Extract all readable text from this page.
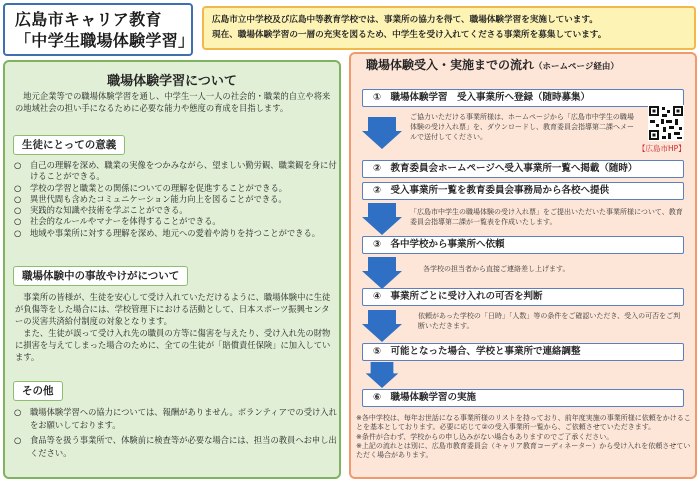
広島市キャリア教育
「中学生職場体験学習」
広島市立中学校及び広島中等教育学校では、事業所の協力を得て、職場体験学習を実施しています。
現在、職場体験学習の一層の充実を図るため、中学生を受け入れてくださる事業所を募集しています。
職場体験学習について
　地元企業等での職場体験学習を通し、中学生一人一人の社会的・職業的自立や将来の地域社会の担い手になるために必要な能力や態度の育成を目指します。
生徒にとっての意義
○	自己の理解を深め、職業の実像をつかみながら、望ましい勤労観、職業観を身に付けることができる。
○	学校の学習と職業との関係についての理解を促進することができる。
○	異世代間も含めたコミュニケーション能力向上を図ることができる。
○	実践的な知識や技術を学ぶことができる。
○	社会的なルールやマナーを体得することができる。
○	地域や事業所に対する理解を深め、地元への愛着や誇りを持つことができる。
職場体験中の事故やけがについて
　事業所の皆様が、生徒を安心して受け入れていただけるように、職場体験中に生徒が負傷等をした場合には、学校管理下における活動として、日本スポーツ振興センターの災害共済給付制度の対象となります。
　また、生徒が誤って受け入れ先の職員の方等に傷害を与えたり、受け入れ先の財物に損害を与えてしまった場合のために、全ての生徒が「賠償責任保険」に加入しています。
その他
○	職場体験学習への協力については、報酬がありません。ボランティアでの受け入れをお願いしております。
○	食品等を扱う事業所で、体験前に検査等が必要な場合には、担当の教員へお申し出ください。
職場体験受入・実施までの流れ（ホームページ経由）
①　職場体験学習　受入事業所へ登録（随時募集）
ご協力いただける事業所様は、ホームページから「広島市中学生の職場体験の受け入れ票」を、ダウンロードし、教育委員会指導第二課へメールで送付してください。
【広島市HP】
②　教育委員会ホームページへ受入事業所一覧へ掲載（随時）
②　受入事業所一覧を教育委員会事務局から各校へ提供
「広島市中学生の職場体験の受け入れ票」をご提出いただいた事業所様について、教育委員会指導第二課が一覧表を作成いたします。
③　各中学校から事業所へ依頼
各学校の担当者から直接ご連絡差し上げます。
④　事業所ごとに受け入れの可否を判断
依頼があった学校の「日時」「人数」等の条件をご確認いただき、受入の可否をご判断いただきます。
⑤　可能となった場合、学校と事業所で連絡調整
⑥　職場体験学習の実施
※各中学校は、毎年お世話になる事業所様のリストを持っており、前年度実施の事業所様に依頼をかけることを基本としております。必要に応じて②の受入事業所一覧から、ご依頼させていただきます。
※条件が合わず、学校からの申し込みがない場合もありますのでご了承ください。
※上記の流れとは別に、広島市教育委員会（キャリア教育コーディネーター）から受け入れを依頼させていただく場合があります。
